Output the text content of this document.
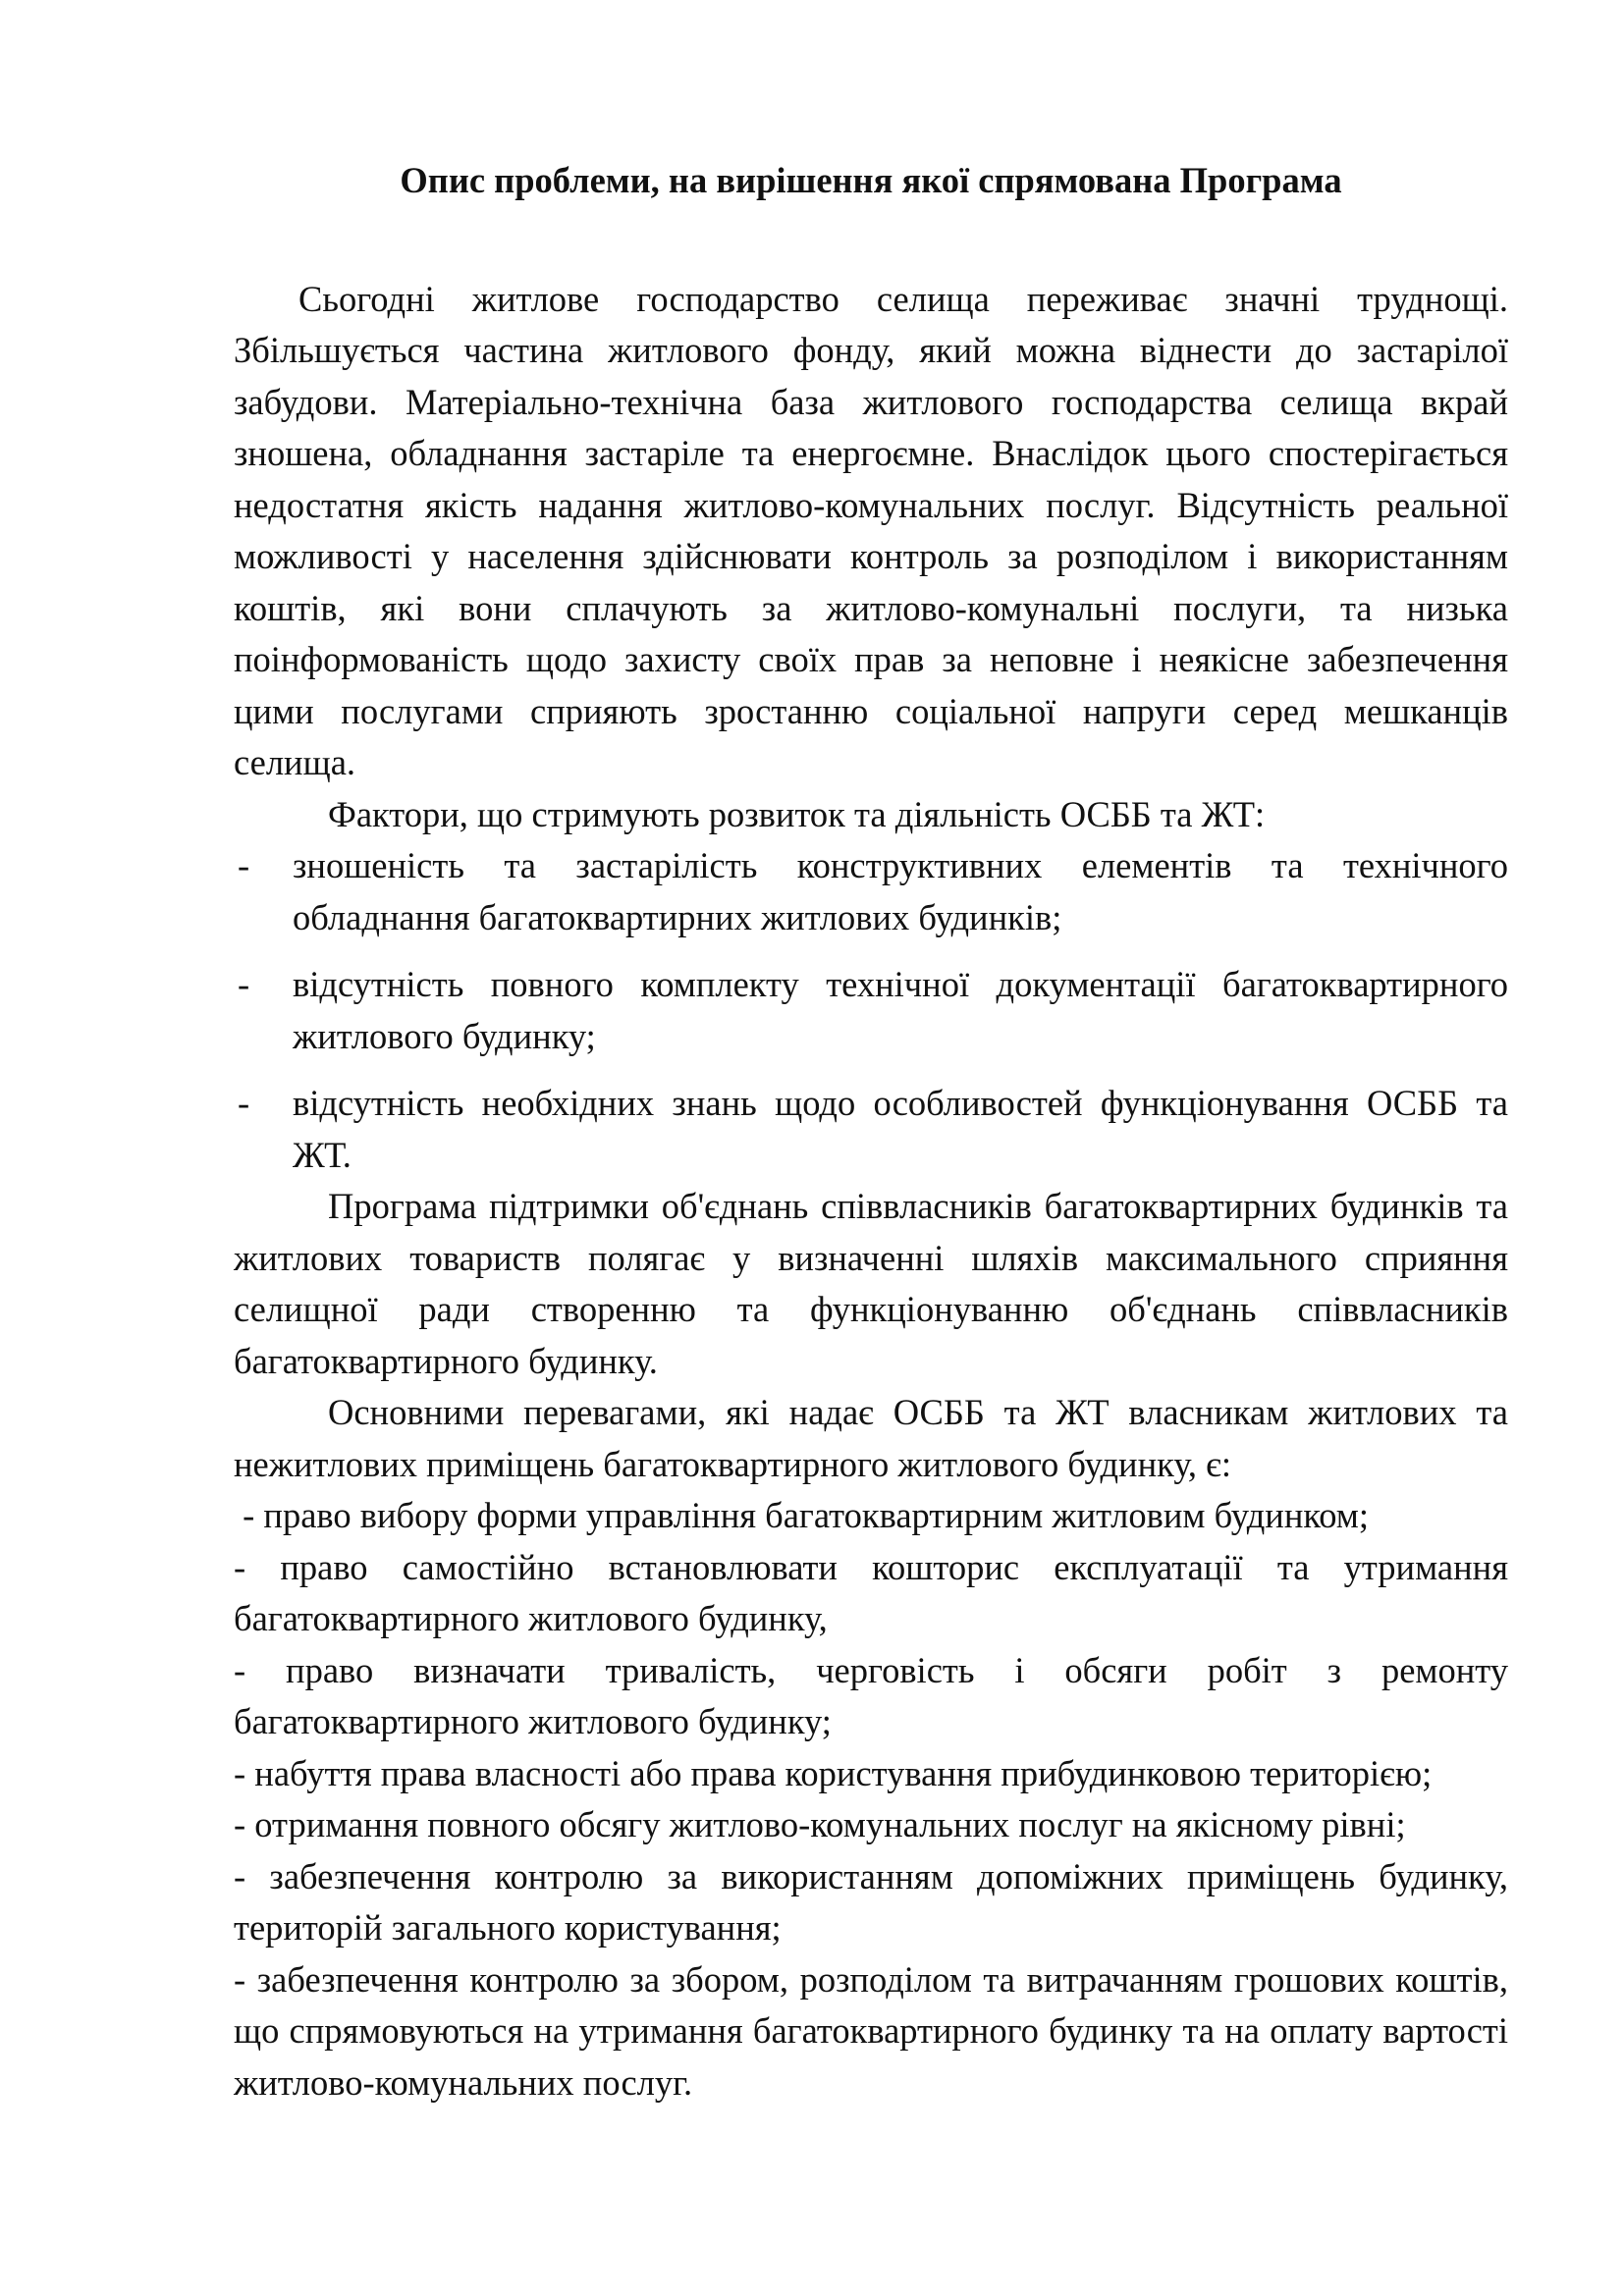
Опис проблеми, на вирішення якої спрямована Програма

Сьогодні житлове господарство селища переживає значні труднощі. Збільшується частина житлового фонду, який можна віднести до застарілої забудови. Матеріально-технічна база житлового господарства селища вкрай зношена, обладнання застаріле та енергоємне. Внаслідок цього спостерігається недостатня якість надання житлово-комунальних послуг. Відсутність реальної можливості у населення здійснювати контроль за розподілом і використанням коштів, які вони сплачують за житлово-комунальні послуги, та низька поінформованість щодо захисту своїх прав за неповне і неякісне забезпечення цими послугами сприяють зростанню соціальної напруги серед мешканців селища.

Фактори, що стримують розвиток та діяльність ОСББ та ЖТ:

- зношеність та застарілість конструктивних елементів та технічного обладнання багатоквартирних житлових будинків;
- відсутність повного комплекту технічної документації багатоквартирного житлового будинку;
- відсутність необхідних знань щодо особливостей функціонування ОСББ та ЖТ.

Програма підтримки об'єднань співвласників багатоквартирних будинків та житлових товариств полягає у визначенні шляхів максимального сприяння селищної ради створенню та функціонуванню об'єднань співвласників багатоквартирного будинку.

Основними перевагами, які надає ОСББ та ЖТ власникам житлових та нежитлових приміщень багатоквартирного житлового будинку, є:

- право вибору форми управління багатоквартирним житловим будинком;

- право самостійно встановлювати кошторис експлуатації та утримання багатоквартирного житлового будинку,

- право визначати тривалість, черговість і обсяги робіт з ремонту багатоквартирного житлового будинку;

- набуття права власності або права користування прибудинковою територією;

- отримання повного обсягу житлово-комунальних послуг на якісному рівні;

- забезпечення контролю за використанням допоміжних приміщень будинку, територій загального користування;

- забезпечення контролю за збором, розподілом та витрачанням грошових коштів, що спрямовуються на утримання багатоквартирного будинку та на оплату вартості житлово-комунальних послуг.
